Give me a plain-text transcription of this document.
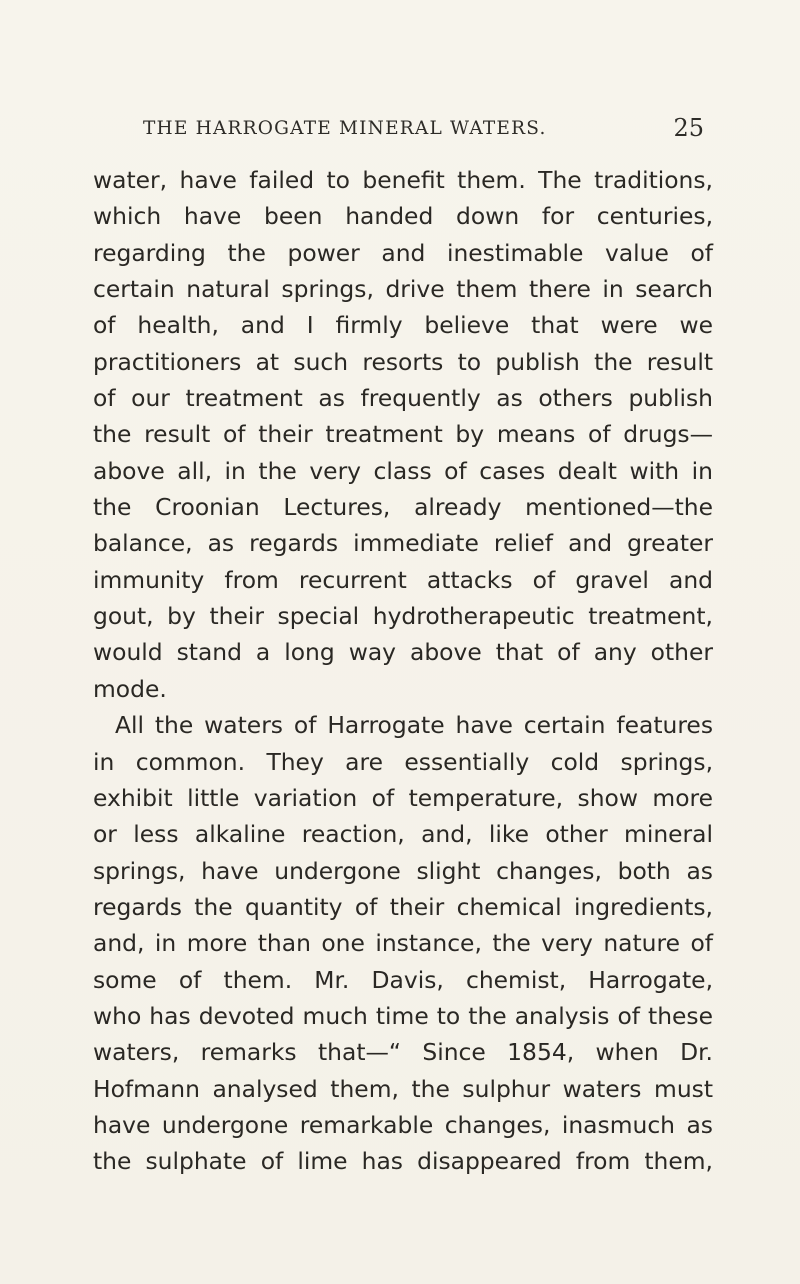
THE HARROGATE MINERAL WATERS.	25
water, have failed to benefit them. The traditions,
which have been handed down for centuries,
regarding the power and inestimable value of
certain natural springs, drive them there in search
of health, and I firmly believe that were we
practitioners at such resorts to publish the result
of our treatment as frequently as others publish
the result of their treatment by means of drugs—
above all, in the very class of cases dealt with in
the Croonian Lectures, already mentioned—the
balance, as regards immediate relief and greater
immunity from recurrent attacks of gravel and
gout, by their special hydrotherapeutic treatment,
would stand a long way above that of any other
mode.
All the waters of Harrogate have certain features
in common. They are essentially cold springs,
exhibit little variation of temperature, show more
or less alkaline reaction, and, like other mineral
springs, have undergone slight changes, both as
regards the quantity of their chemical ingredients,
and, in more than one instance, the very nature of
some of them. Mr. Davis, chemist, Harrogate,
who has devoted much time to the analysis of these
waters, remarks that—“ Since 1854, when Dr.
Hofmann analysed them, the sulphur waters must
have undergone remarkable changes, inasmuch as
the sulphate of lime has disappeared from them,
